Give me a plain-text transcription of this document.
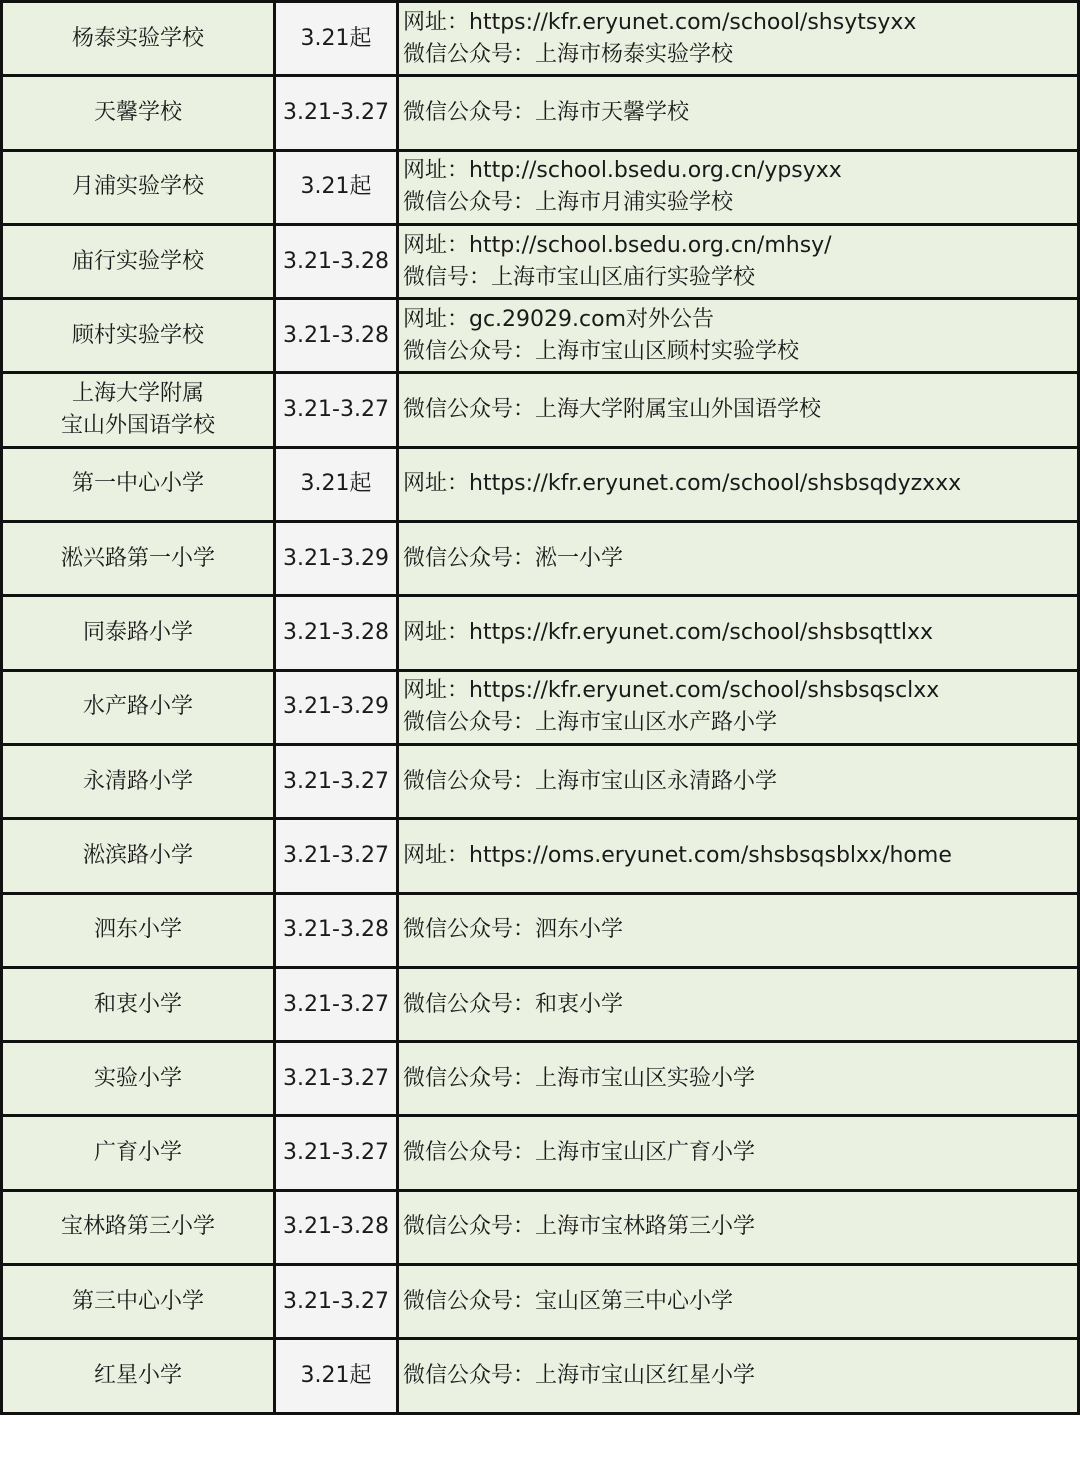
杨泰实验学校	3.21起	网址：https://kfr.eryunet.com/school/shsytsyxx
微信公众号：上海市杨泰实验学校

天馨学校	3.21-3.27	微信公众号：上海市天馨学校

月浦实验学校	3.21起	网址：http://school.bsedu.org.cn/ypsyxx
微信公众号：上海市月浦实验学校

庙行实验学校	3.21-3.28	网址：http://school.bsedu.org.cn/mhsy/
微信号：上海市宝山区庙行实验学校

顾村实验学校	3.21-3.28	网址：gc.29029.com对外公告
微信公众号：上海市宝山区顾村实验学校

上海大学附属
宝山外国语学校	3.21-3.27	微信公众号：上海大学附属宝山外国语学校

第一中心小学	3.21起	网址：https://kfr.eryunet.com/school/shsbsqdyzxxx

淞兴路第一小学	3.21-3.29	微信公众号：淞一小学

同泰路小学	3.21-3.28	网址：https://kfr.eryunet.com/school/shsbsqttlxx

水产路小学	3.21-3.29	网址：https://kfr.eryunet.com/school/shsbsqsclxx
微信公众号：上海市宝山区水产路小学

永清路小学	3.21-3.27	微信公众号：上海市宝山区永清路小学

淞滨路小学	3.21-3.27	网址：https://oms.eryunet.com/shsbsqsblxx/home

泗东小学	3.21-3.28	微信公众号：泗东小学

和衷小学	3.21-3.27	微信公众号：和衷小学

实验小学	3.21-3.27	微信公众号：上海市宝山区实验小学

广育小学	3.21-3.27	微信公众号：上海市宝山区广育小学

宝林路第三小学	3.21-3.28	微信公众号：上海市宝林路第三小学

第三中心小学	3.21-3.27	微信公众号：宝山区第三中心小学

红星小学	3.21起	微信公众号：上海市宝山区红星小学
